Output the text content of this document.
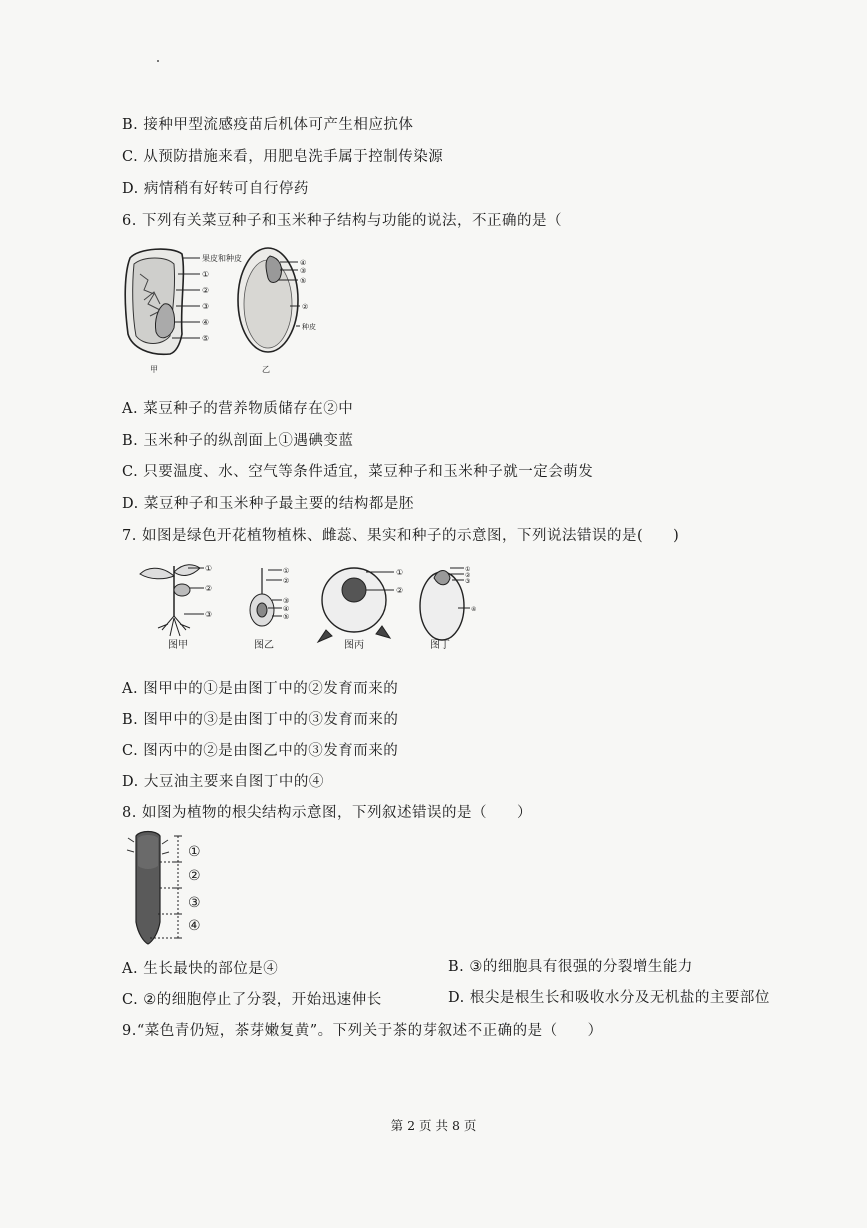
B. 接种甲型流感疫苗后机体可产生相应抗体
C. 从预防措施来看，用肥皂洗手属于控制传染源
D. 病情稍有好转可自行停药
6. 下列有关菜豆种子和玉米种子结构与功能的说法，不正确的是（
果皮和种皮
①
②
③
④
⑤
甲
④
③
⑤
②
种皮
乙
A. 菜豆种子的营养物质储存在②中
B. 玉米种子的纵剖面上①遇碘变蓝
C. 只要温度、水、空气等条件适宜，菜豆种子和玉米种子就一定会萌发
D. 菜豆种子和玉米种子最主要的结构都是胚
7. 如图是绿色开花植物植株、雌蕊、果实和种子的示意图，下列说法错误的是(　　)
①
②
③
①
②
③
④
⑤
①
②
①
②
③
④
图甲	图乙	图丙	图丁
A. 图甲中的①是由图丁中的②发育而来的
B. 图甲中的③是由图丁中的③发育而来的
C. 图丙中的②是由图乙中的③发育而来的
D. 大豆油主要来自图丁中的④
8. 如图为植物的根尖结构示意图，下列叙述错误的是（　　）
①
②
③
④
A. 生长最快的部位是④	B. ③的细胞具有很强的分裂增生能力
C. ②的细胞停止了分裂，开始迅速伸长	D. 根尖是根生长和吸收水分及无机盐的主要部位
9.“菜色青仍短，茶芽嫩复黄”。下列关于茶的芽叙述不正确的是（　　）
第 2 页 共 8 页
